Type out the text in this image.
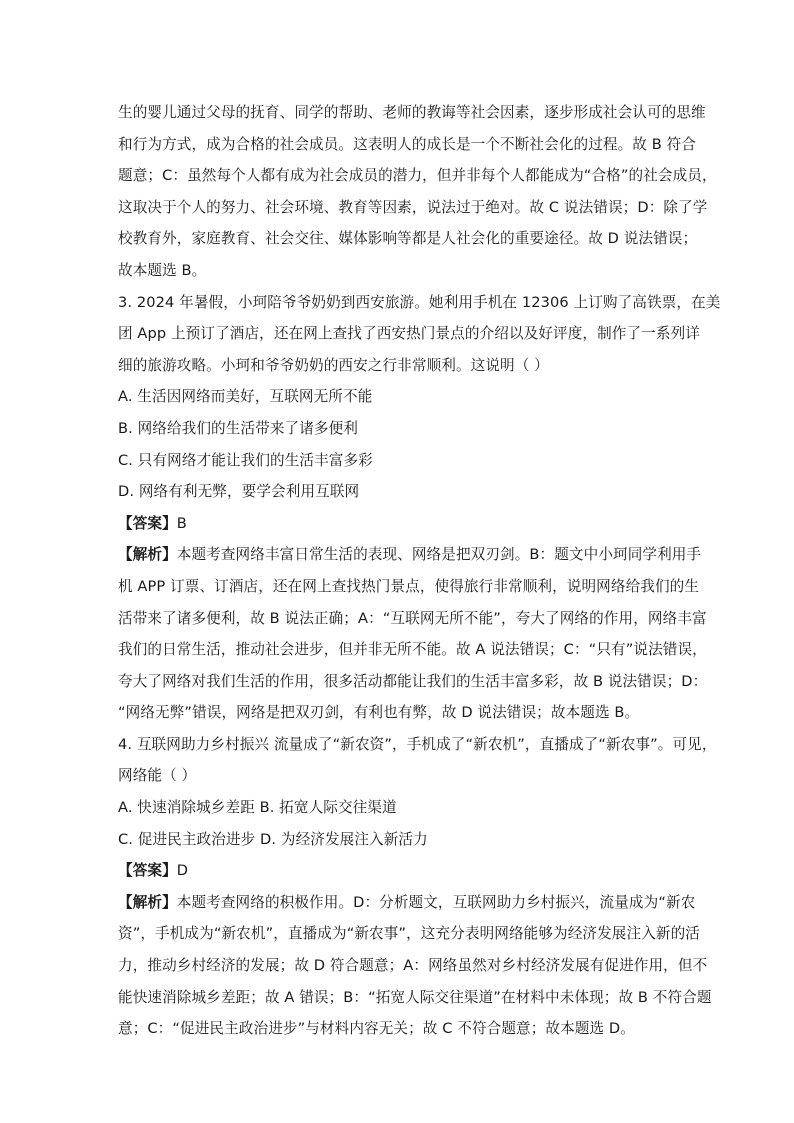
生的婴儿通过父母的抚育、同学的帮助、老师的教诲等社会因素，逐步形成社会认可的思维
和行为方式，成为合格的社会成员。这表明人的成长是一个不断社会化的过程。故 B 符合
题意；C：虽然每个人都有成为社会成员的潜力，但并非每个人都能成为“合格”的社会成员，
这取决于个人的努力、社会环境、教育等因素，说法过于绝对。故 C 说法错误；D：除了学
校教育外，家庭教育、社会交往、媒体影响等都是人社会化的重要途径。故 D 说法错误；
故本题选 B。
3. 2024 年暑假，小珂陪爷爷奶奶到西安旅游。她利用手机在 12306 上订购了高铁票，在美
团 App 上预订了酒店，还在网上查找了西安热门景点的介绍以及好评度，制作了一系列详
细的旅游攻略。小珂和爷爷奶奶的西安之行非常顺利。这说明（ ）
A. 生活因网络而美好，互联网无所不能
B. 网络给我们的生活带来了诸多便利
C. 只有网络才能让我们的生活丰富多彩
D. 网络有利无弊，要学会利用互联网
【答案】B
【解析】本题考查网络丰富日常生活的表现、网络是把双刃剑。B：题文中小珂同学利用手
机 APP 订票、订酒店，还在网上查找热门景点，使得旅行非常顺利，说明网络给我们的生
活带来了诸多便利，故 B 说法正确；A：“互联网无所不能”，夸大了网络的作用，网络丰富
我们的日常生活，推动社会进步，但并非无所不能。故 A 说法错误；C：“只有”说法错误，
夸大了网络对我们生活的作用，很多活动都能让我们的生活丰富多彩，故 B 说法错误；D：
“网络无弊”错误，网络是把双刃剑，有利也有弊，故 D 说法错误；故本题选 B。
4. 互联网助力乡村振兴 流量成了“新农资”，手机成了“新农机”，直播成了“新农事”。可见，
网络能（ ）
A. 快速消除城乡差距 B. 拓宽人际交往渠道
C. 促进民主政治进步 D. 为经济发展注入新活力
【答案】D
【解析】本题考查网络的积极作用。D：分析题文，互联网助力乡村振兴，流量成为“新农
资”，手机成为“新农机”，直播成为“新农事”，这充分表明网络能够为经济发展注入新的活
力，推动乡村经济的发展；故 D 符合题意；A：网络虽然对乡村经济发展有促进作用，但不
能快速消除城乡差距；故 A 错误；B：“拓宽人际交往渠道”在材料中未体现；故 B 不符合题
意；C：“促进民主政治进步”与材料内容无关；故 C 不符合题意；故本题选 D。
